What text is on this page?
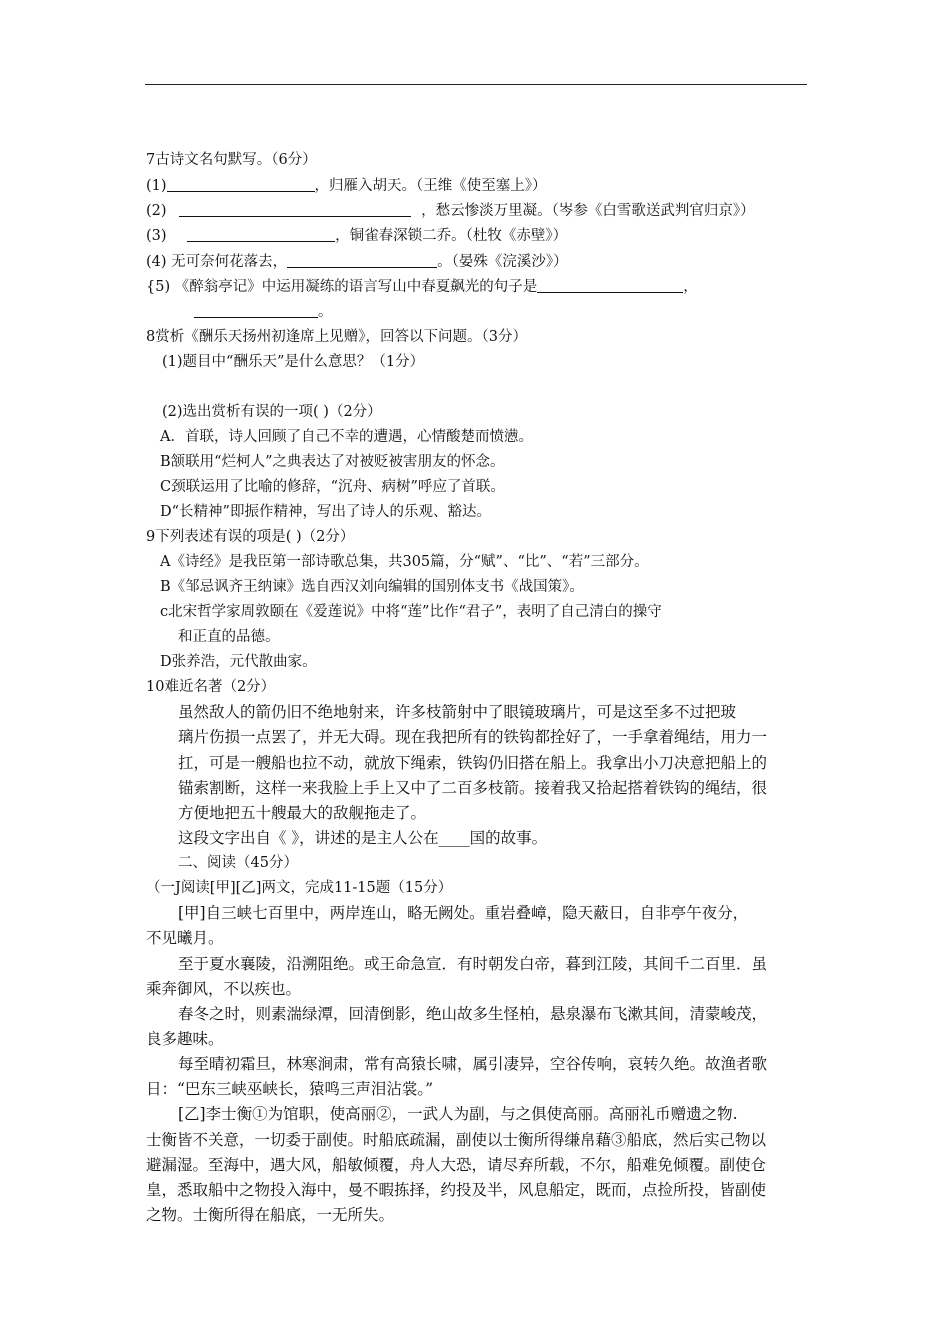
7古诗文名句默写。（6分）
(1)	，归雁入胡天。（王维《使至塞上》）
(2)	，愁云惨淡万里凝。（岑参《白雪歌送武判官归京》）
(3)	，铜雀春深锁二乔。（杜牧《赤壁》）
(4) 无可奈何花落去，	。（晏殊《浣溪沙》）
{5) 《醉翁亭记》中运用凝练的语言写山中春夏飙光的句子是	，
。
8赏析《酬乐天扬州初逢席上见赠》，回答以下问题。（3分）
(1)题目中“酬乐天”是什么意思？（1分）
(2)选出赏析有误的一项( )（2分）
A．首联，诗人回顾了自己不幸的遭遇，心情酸楚而愤懑。
B颔联用“烂柯人”之典表达了对被贬被害朋友的怀念。
C颈联运用了比喻的修辞，“沉舟、病树”呼应了首联。
D“长精神”即振作精神，写出了诗人的乐观、豁达。
9下列表述有误的项是( )（2分）
A《诗经》是我臣第一部诗歌总集，共305篇，分“赋”、“比”、“若”三部分。
B《邹忌讽齐王纳谏》选自西汉刘向编辑的国别体支书《战国策》。
c北宋哲学家周敦颐在《爱莲说》中将“莲”比作“君子”，表明了自己清白的操守
和正直的品德。
D张养浩，元代散曲家。
10难近名著（2分）
虽然敌人的箭仍旧不绝地射来，许多枝箭射中了眼镜玻璃片，可是这至多不过把玻
璃片伤损一点罢了，并无大碍。现在我把所有的铁钩都拴好了，一手拿着绳结，用力一
扛，可是一艘船也拉不动，就放下绳索，铁钩仍旧搭在船上。我拿出小刀决意把船上的
锚索割断，这样一来我脸上手上又中了二百多枝箭。接着我又拾起搭着铁钩的绳结，很
方便地把五十艘最大的敌舰拖走了。
这段文字出自《 》，讲述的是主人公在____国的故事。
二、阅读（45分）
（一J阅读[甲][乙]两文，完成11-15题（15分）
[甲]自三峡七百里中，两岸连山，略无阙处。重岩叠嶂，隐天蔽日，自非亭午夜分，
不见曦月。
至于夏水襄陵，沿溯阻绝。或王命急宣．有时朝发白帝，暮到江陵，其间千二百里．虽
乘奔御风，不以疾也。
春冬之时，则素湍绿潭，回清倒影，绝山故多生怪柏，悬泉瀑布飞漱其间，清蒙峻茂，
良多趣味。
每至晴初霜旦，林寒涧肃，常有高猿长啸，属引凄异，空谷传响，哀转久绝。故渔者歌
日：“巴东三峡巫峡长，猿鸣三声泪沾裳。”
[乙]李士衡①为馆职，使高丽②，一武人为副，与之俱使高丽。高丽礼币赠遗之物.
士衡皆不关意，一切委于副使。时船底疏漏，副使以士衡所得缣帛藉③船底，然后实己物以
避漏湿。至海中，遇大风，船敏倾覆，舟人大恐，请尽弃所载，不尔，船难免倾覆。副使仓
皇，悉取船中之物投入海中，曼不暇拣择，约投及半，风息船定，既而，点捡所投，皆副使
之物。士衡所得在船底，一无所失。
